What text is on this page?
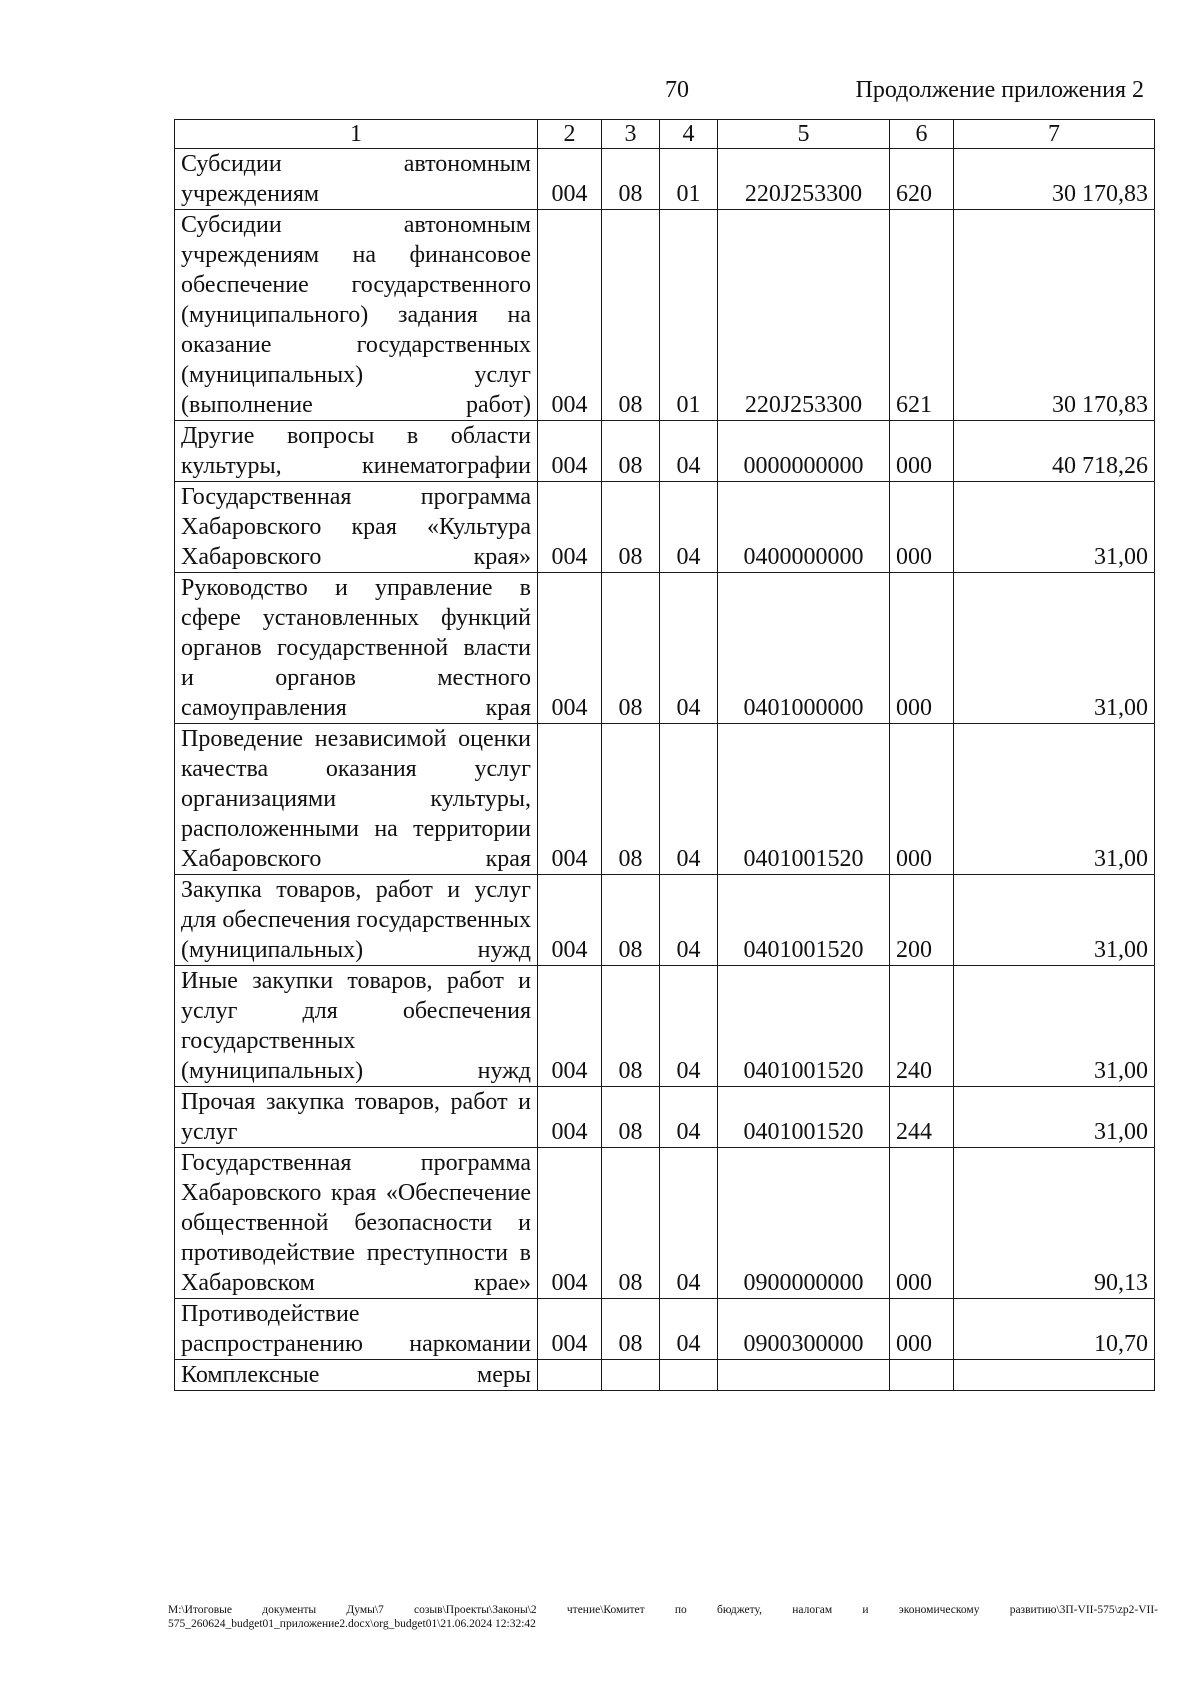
70	Продолжение приложения 2
1	2	3	4	5	6	7
Субсидии автономным учреждениям	004	08	01	220J253300	620	30 170,83
Субсидии автономным учреждениям на финансовое обеспечение государственного (муниципального) задания на оказание государственных (муниципальных) услуг (выполнение работ)	004	08	01	220J253300	621	30 170,83
Другие вопросы в области культуры, кинематографии	004	08	04	0000000000	000	40 718,26
Государственная программа Хабаровского края «Культура Хабаровского края»	004	08	04	0400000000	000	31,00
Руководство и управление в сфере установленных функций органов государственной власти и органов местного самоуправления края	004	08	04	0401000000	000	31,00
Проведение независимой оценки качества оказания услуг организациями культуры, расположенными на территории Хабаровского края	004	08	04	0401001520	000	31,00
Закупка товаров, работ и услуг для обеспечения государственных (муниципальных) нужд	004	08	04	0401001520	200	31,00
Иные закупки товаров, работ и услуг для обеспечения государственных (муниципальных) нужд	004	08	04	0401001520	240	31,00
Прочая закупка товаров, работ и услуг	004	08	04	0401001520	244	31,00
Государственная программа Хабаровского края «Обеспечение общественной безопасности и противодействие преступности в Хабаровском крае»	004	08	04	0900000000	000	90,13
Противодействие распространению наркомании	004	08	04	0900300000	000	10,70
Комплексные меры						
M:\Итоговые документы Думы\7 созыв\Проекты\Законы\2 чтение\Комитет по бюджету, налогам и экономическому развитию\3П-VII-575\zp2-VII-575_260624_budget01_приложение2.docx\org_budget01\21.06.2024 12:32:42
